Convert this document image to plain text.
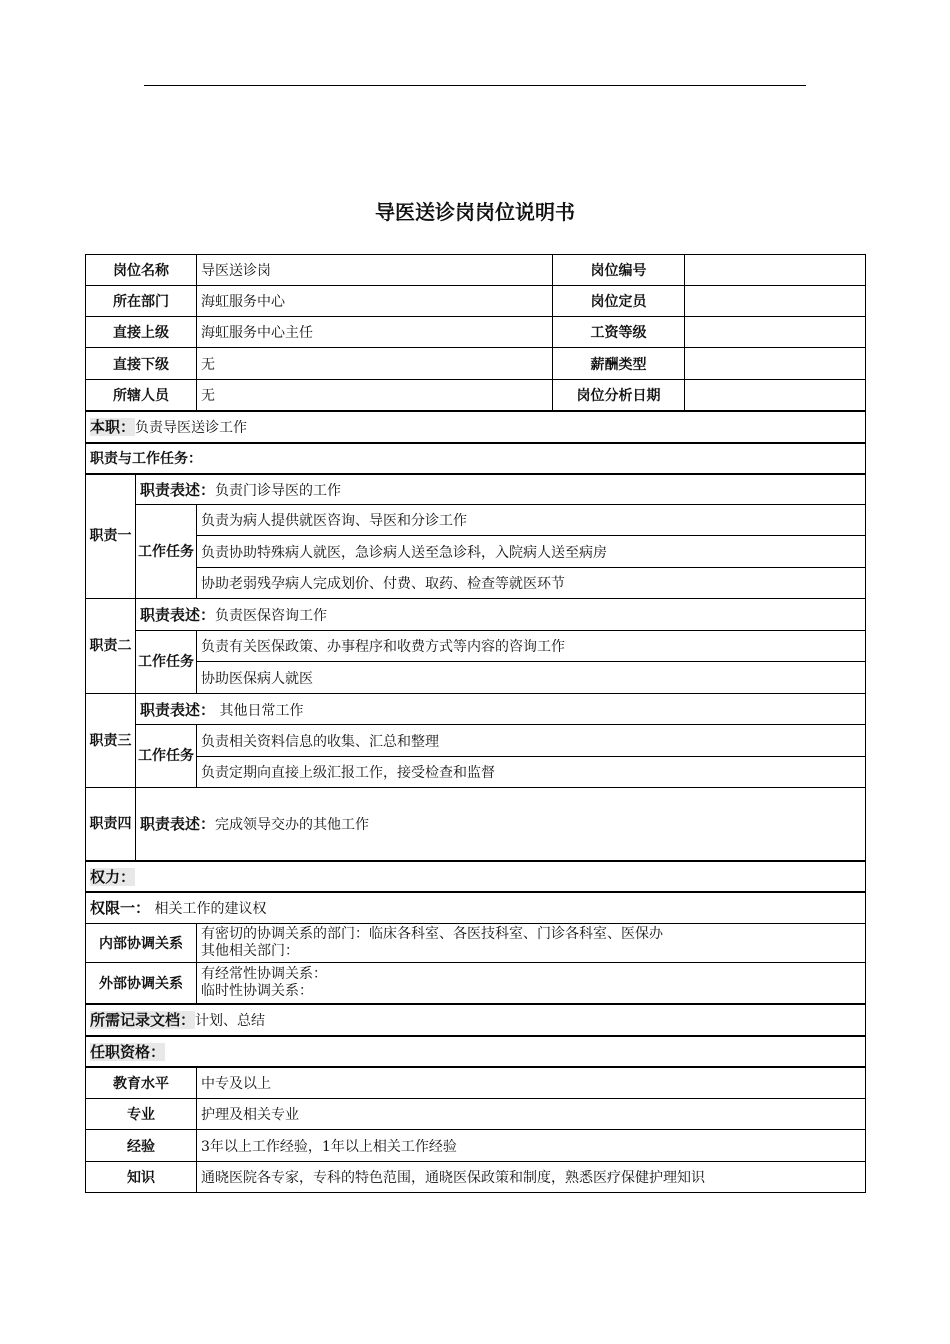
导医送诊岗岗位说明书
岗位名称		导医送诊岗	岗位编号	
所在部门		海虹服务中心	岗位定员	
直接上级		海虹服务中心主任	工资等级	
直接下级		无	薪酬类型	
所辖人员		无	岗位分析日期	
本职：负责导医送诊工作				
职责与工作任务：				
职责一	职责表述：负责门诊导医的工作			
	工作任务	负责为病人提供就医咨询、导医和分诊工作		
		负责协助特殊病人就医，急诊病人送至急诊科，入院病人送至病房		
		协助老弱残孕病人完成划价、付费、取药、检查等就医环节		
职责二	职责表述：负责医保咨询工作			
	工作任务	负责有关医保政策、办事程序和收费方式等内容的咨询工作		
		协助医保病人就医		
职责三	职责表述： 其他日常工作			
	工作任务	负责相关资料信息的收集、汇总和整理		
		负责定期向直接上级汇报工作，接受检查和监督		
职责四	职责表述：完成领导交办的其他工作			
权力：				
权限一： 相关工作的建议权				
内部协调关系		有密切的协调关系的部门：临床各科室、各医技科室、门诊各科室、医保办
其他相关部门：		

外部协调关系		有经常性协调关系：
临时性协调关系：		

所需记录文档：计划、总结				
任职资格：				
教育水平		中专及以上		
专业		护理及相关专业		
经验		3年以上工作经验，1年以上相关工作经验		
知识		通晓医院各专家，专科的特色范围，通晓医保政策和制度，熟悉医疗保健护理知识		
